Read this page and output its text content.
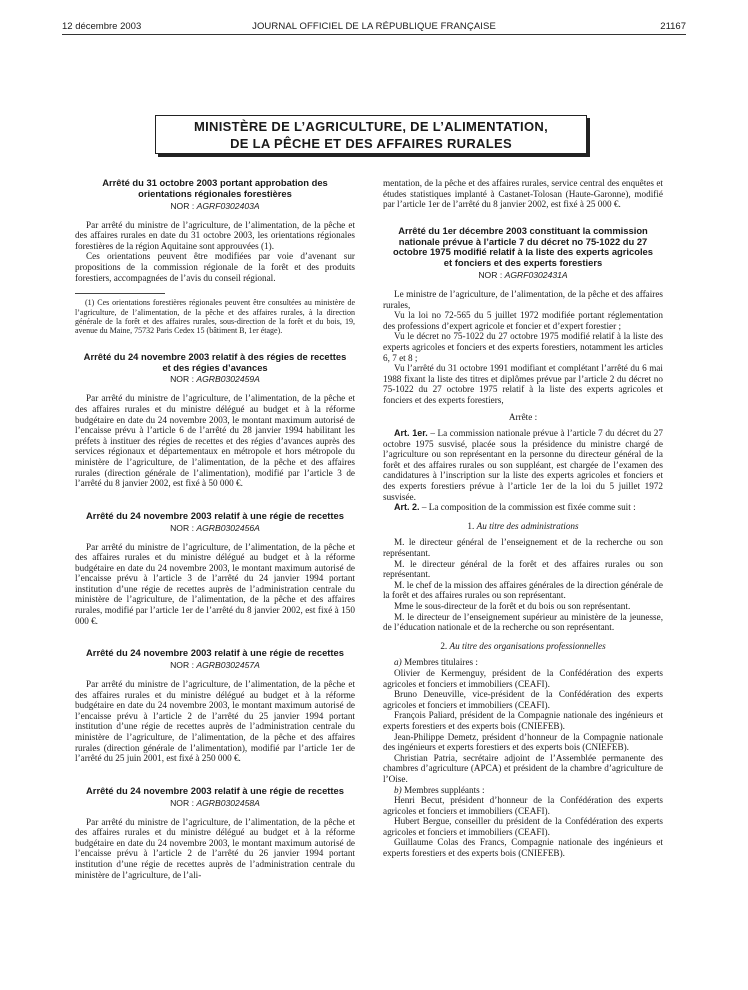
12 décembre 2003	JOURNAL OFFICIEL DE LA RÉPUBLIQUE FRANÇAISE	21167
MINISTÈRE DE L’AGRICULTURE, DE L’ALIMENTATION,
DE LA PÊCHE ET DES AFFAIRES RURALES
Arrêté du 31 octobre 2003 portant approbation des orientations régionales forestières
NOR : AGRF0302403A

Par arrêté du ministre de l’agriculture, de l’alimentation, de la pêche et des affaires rurales en date du 31 octobre 2003, les orientations régionales forestières de la région Aquitaine sont approuvées (1).

Ces orientations peuvent être modifiées par voie d’avenant sur propositions de la commission régionale de la forêt et des produits forestiers, accompagnées de l’avis du conseil régional.

(1) Ces orientations forestières régionales peuvent être consultées au ministère de l’agriculture, de l’alimentation, de la pêche et des affaires rurales, à la direction générale de la forêt et des affaires rurales, sous-direction de la forêt et du bois, 19, avenue du Maine, 75732 Paris Cedex 15 (bâtiment B, 1er étage).
Arrêté du 24 novembre 2003 relatif à des régies de recettes et des régies d’avances
NOR : AGRB0302459A

Par arrêté du ministre de l’agriculture, de l’alimentation, de la pêche et des affaires rurales et du ministre délégué au budget et à la réforme budgétaire en date du 24 novembre 2003, le montant maximum autorisé de l’encaisse prévu à l’article 6 de l’arrêté du 28 janvier 1994 habilitant les préfets à instituer des régies de recettes et des régies d’avances auprès des services régionaux et départementaux en métropole et hors métropole du ministère de l’agriculture, de l’alimentation, de la pêche et des affaires rurales (direction générale de l’alimentation), modifié par l’article 3 de l’arrêté du 8 janvier 2002, est fixé à 50 000 €.

Arrêté du 24 novembre 2003 relatif à une régie de recettes
NOR : AGRB0302456A

Par arrêté du ministre de l’agriculture, de l’alimentation, de la pêche et des affaires rurales et du ministre délégué au budget et à la réforme budgétaire en date du 24 novembre 2003, le montant maximum autorisé de l’encaisse prévu à l’article 3 de l’arrêté du 24 janvier 1994 portant institution d’une régie de recettes auprès de l’administration centrale du ministère de l’agriculture, de l’alimentation, de la pêche et des affaires rurales, modifié par l’article 1er de l’arrêté du 8 janvier 2002, est fixé à 150 000 €.

Arrêté du 24 novembre 2003 relatif à une régie de recettes
NOR : AGRB0302457A

Par arrêté du ministre de l’agriculture, de l’alimentation, de la pêche et des affaires rurales et du ministre délégué au budget et à la réforme budgétaire en date du 24 novembre 2003, le montant maximum autorisé de l’encaisse prévu à l’article 2 de l’arrêté du 25 janvier 1994 portant institution d’une régie de recettes auprès de l’administration centrale du ministère de l’agriculture, de l’alimentation, de la pêche et des affaires rurales (direction générale de l’alimentation), modifié par l’article 1er de l’arrêté du 25 juin 2001, est fixé à 250 000 €.

Arrêté du 24 novembre 2003 relatif à une régie de recettes
NOR : AGRB0302458A

Par arrêté du ministre de l’agriculture, de l’alimentation, de la pêche et des affaires rurales et du ministre délégué au budget et à la réforme budgétaire en date du 24 novembre 2003, le montant maximum autorisé de l’encaisse prévu à l’article 2 de l’arrêté du 26 janvier 1994 portant institution d’une régie de recettes auprès de l’administration centrale du ministère de l’agriculture, de l’ali-

mentation, de la pêche et des affaires rurales, service central des enquêtes et études statistiques implanté à Castanet-Tolosan (Haute-Garonne), modifié par l’article 1er de l’arrêté du 8 janvier 2002, est fixé à 25 000 €.

Arrêté du 1er décembre 2003 constituant la commission nationale prévue à l’article 7 du décret no 75-1022 du 27 octobre 1975 modifié relatif à la liste des experts agricoles et fonciers et des experts forestiers
NOR : AGRF0302431A

Le ministre de l’agriculture, de l’alimentation, de la pêche et des affaires rurales,

Vu la loi no 72-565 du 5 juillet 1972 modifiée portant réglementation des professions d’expert agricole et foncier et d’expert forestier ;

Vu le décret no 75-1022 du 27 octobre 1975 modifié relatif à la liste des experts agricoles et fonciers et des experts forestiers, notamment les articles 6, 7 et 8 ;

Vu l’arrêté du 31 octobre 1991 modifiant et complétant l’arrêté du 6 mai 1988 fixant la liste des titres et diplômes prévue par l’article 2 du décret no 75-1022 du 27 octobre 1975 relatif à la liste des experts agricoles et fonciers et des experts forestiers,

Arrête :

Art. 1er. – La commission nationale prévue à l’article 7 du décret du 27 octobre 1975 susvisé, placée sous la présidence du ministre chargé de l’agriculture ou son représentant en la personne du directeur général de la forêt et des affaires rurales ou son suppléant, est chargée de l’examen des candidatures à l’inscription sur la liste des experts agricoles et fonciers et des experts forestiers prévue à l’article 1er de la loi du 5 juillet 1972 susvisée.

Art. 2. – La composition de la commission est fixée comme suit :

1. Au titre des administrations

M. le directeur général de l’enseignement et de la recherche ou son représentant.

M. le directeur général de la forêt et des affaires rurales ou son représentant.

M. le chef de la mission des affaires générales de la direction générale de la forêt et des affaires rurales ou son représentant.

Mme le sous-directeur de la forêt et du bois ou son représentant.

M. le directeur de l’enseignement supérieur au ministère de la jeunesse, de l’éducation nationale et de la recherche ou son représentant.

2. Au titre des organisations professionnelles

a) Membres titulaires :

Olivier de Kermenguy, président de la Confédération des experts agricoles et fonciers et immobiliers (CEAFI).

Bruno Deneuville, vice-président de la Confédération des experts agricoles et fonciers et immobiliers (CEAFI).

François Paliard, président de la Compagnie nationale des ingénieurs et experts forestiers et des experts bois (CNIEFEB).

Jean-Philippe Demetz, président d’honneur de la Compagnie nationale des ingénieurs et experts forestiers et des experts bois (CNIEFEB).

Christian Patria, secrétaire adjoint de l’Assemblée permanente des chambres d’agriculture (APCA) et président de la chambre d’agriculture de l’Oise.

b) Membres suppléants :

Henri Becut, président d’honneur de la Confédération des experts agricoles et fonciers et immobiliers (CEAFI).

Hubert Bergue, conseiller du président de la Confédération des experts agricoles et fonciers et immobiliers (CEAFI).

Guillaume Colas des Francs, Compagnie nationale des ingénieurs et experts forestiers et des experts bois (CNIEFEB).
